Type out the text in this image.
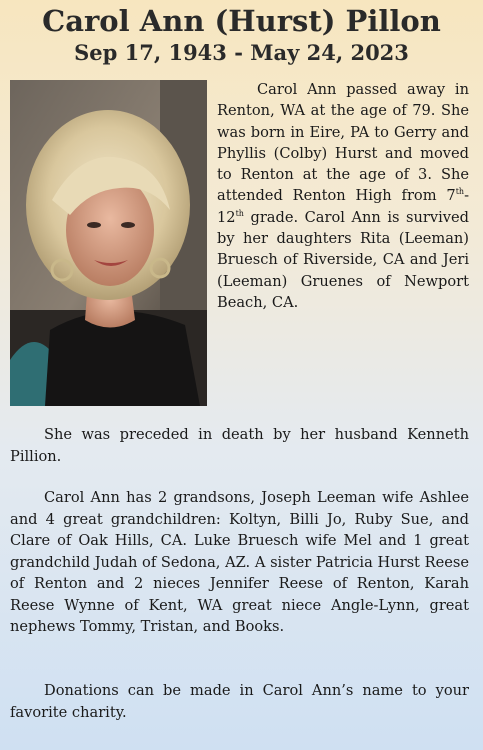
Carol Ann (Hurst) Pillon
Sep 17, 1943 - May 24, 2023

Carol Ann passed away in Renton, WA at the age of 79. She was born in Eire, PA to Gerry and Phyllis (Colby) Hurst and moved to Renton at the age of 3. She attended Renton High from 7th-12th grade. Carol Ann is survived by her daughters Rita (Leeman) Bruesch of Riverside, CA and Jeri (Leeman) Gruenes of Newport Beach, CA.

She was preceded in death by her husband Kenneth Pillion.

Carol Ann has 2 grandsons, Joseph Leeman wife Ashlee and 4 great grandchildren: Koltyn, Billi Jo, Ruby Sue, and Clare of Oak Hills, CA. Luke Bruesch wife Mel and 1 great grandchild Judah of Sedona, AZ. A sister Patricia Hurst Reese of Renton and 2 nieces Jennifer Reese of Renton, Karah Reese Wynne of Kent, WA great niece Angle-Lynn, great nephews Tommy, Tristan, and Books.

Donations can be made in Carol Ann’s name to your favorite charity.
